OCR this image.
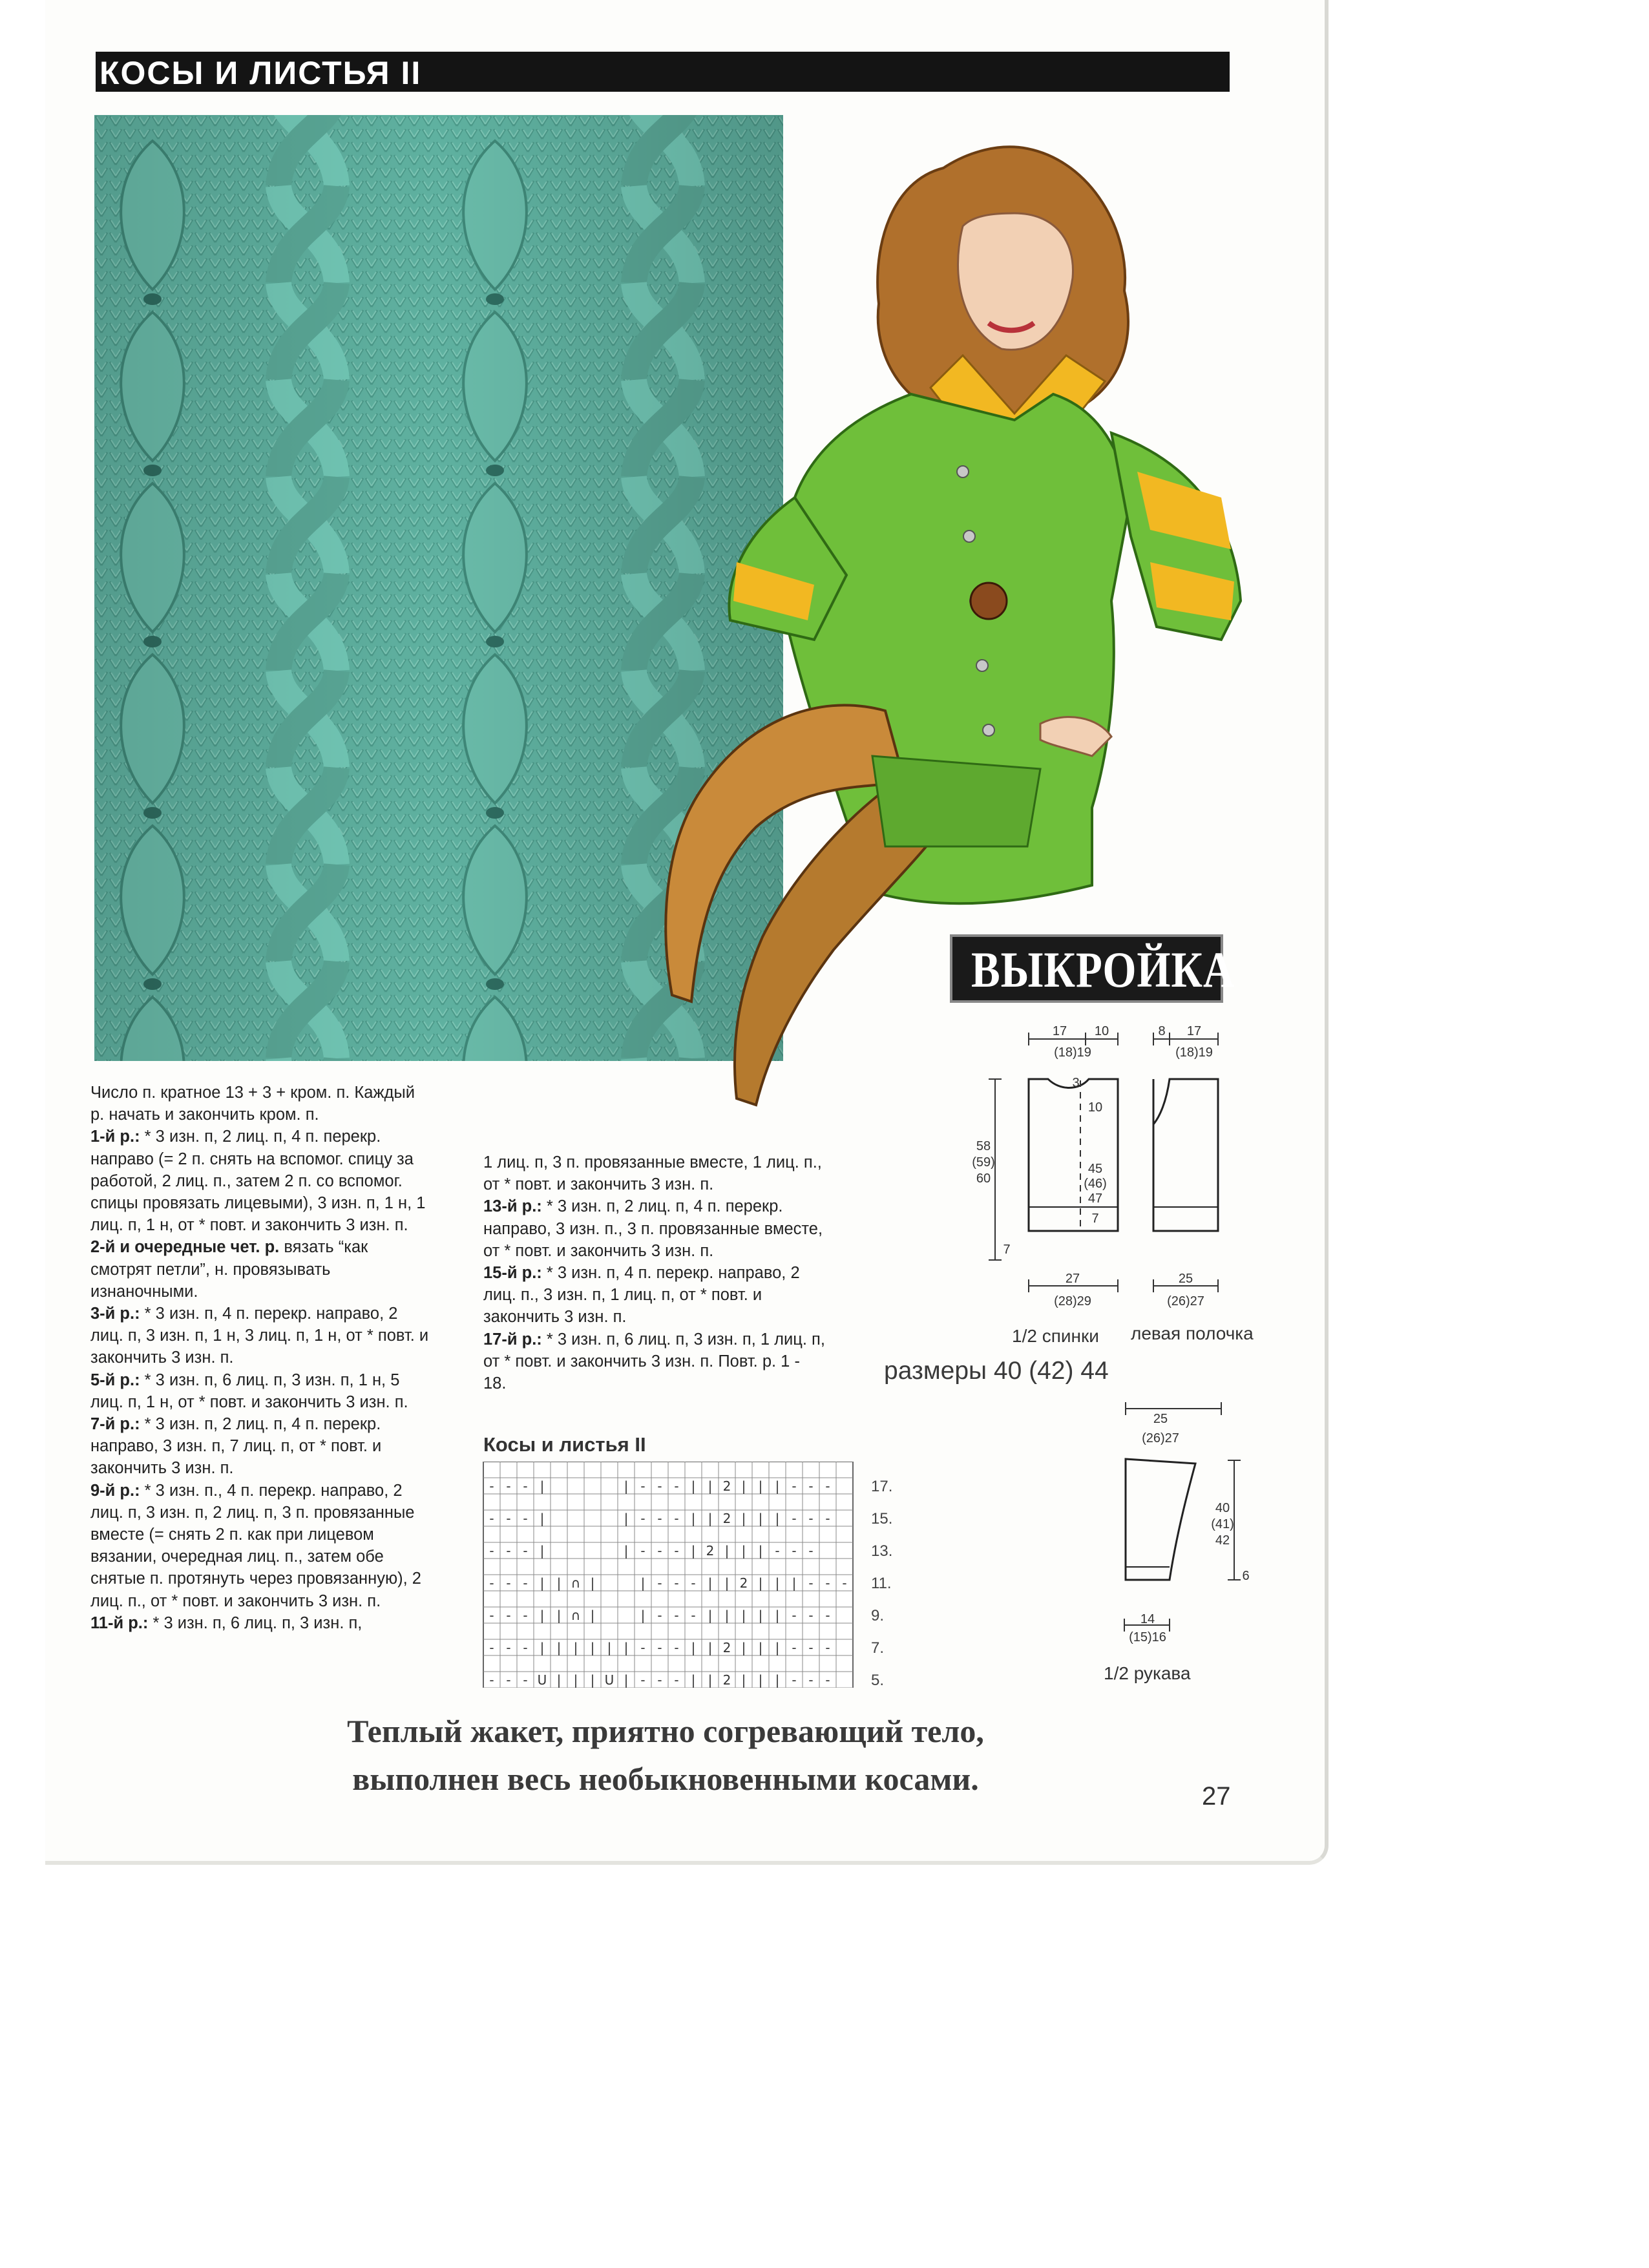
КОСЫ И ЛИСТЬЯ II

Число п. кратное 13 + 3 + кром. п. Каждый р. начать и закончить кром. п.

1-й р.: * 3 изн. п, 2 лиц. п, 4 п. перекр. направо (= 2 п. снять на вспомог. спицу за работой, 2 лиц. п., затем 2 п. со вспомог. спицы провязать лицевыми), 3 изн. п, 1 н, 1 лиц. п, 1 н, от * повт. и закончить 3 изн. п.

2-й и очередные чет. р. вязать “как смотрят петли”, н. провязывать изнаночными.

3-й р.: * 3 изн. п, 4 п. перекр. направо, 2 лиц. п, 3 изн. п, 1 н, 3 лиц. п, 1 н, от * повт. и закончить 3 изн. п.

5-й р.: * 3 изн. п, 6 лиц. п, 3 изн. п, 1 н, 5 лиц. п, 1 н, от * повт. и закончить 3 изн. п.

7-й р.: * 3 изн. п, 2 лиц. п, 4 п. перекр. направо, 3 изн. п, 7 лиц. п, от * повт. и закончить 3 изн. п.

9-й р.: * 3 изн. п., 4 п. перекр. направо, 2 лиц. п, 3 изн. п, 2 лиц. п, 3 п. провязанные вместе (= снять 2 п. как при лицевом вязании, очередная лиц. п., затем обе снятые п. протянуть через провязанную), 2 лиц. п., от * повт. и закончить 3 изн. п.

11-й р.: * 3 изн. п, 6 лиц. п, 3 изн. п,

1 лиц. п, 3 п. провязанные вместе, 1 лиц. п., от * повт. и закончить 3 изн. п.

13-й р.: * 3 изн. п, 2 лиц. п, 4 п. перекр. направо, 3 изн. п., 3 п. провязанные вместе, от * повт. и закончить 3 изн. п.

15-й р.: * 3 изн. п, 4 п. перекр. направо, 2 лиц. п., 3 изн. п, 1 лиц. п, от * повт. и закончить 3 изн. п.

17-й р.: * 3 изн. п, 6 лиц. п, 3 изн. п, 1 лиц. п, от * повт. и закончить 3 изн. п. Повт. р. 1 - 18.

Косы и листья II
- - - |	| - - - | | 2 | | | - - -	17.
- - - |	| - - - | | 2 | | | - - -	15.
- - - |	| - - - | 2 | | | - - -	13.
- - - | | ∩ |	| - - - | | 2 | | | - - - 11.
- - - | | ∩ |	| - - - | | | | | - - -	9.
- - - | | | | | | - - - | | 2 | | | - - -	7.
- - - U | | | U | - - - | | 2 | | | - - -	5.
ВЫКРОЙКА
17 10
(18)19
8 17
(18)19
58
(59)
60
3
10
45
(46)
47
7
7
27
(28)29
25
(26)27
25
(26)27
40
(41)
42
6
14
(15)16
1/2 спинки левая полочка
размеры 40 (42) 44
1/2 рукава
Теплый жакет, приятно согревающий тело,
выполнен весь необыкновенными косами.	27
